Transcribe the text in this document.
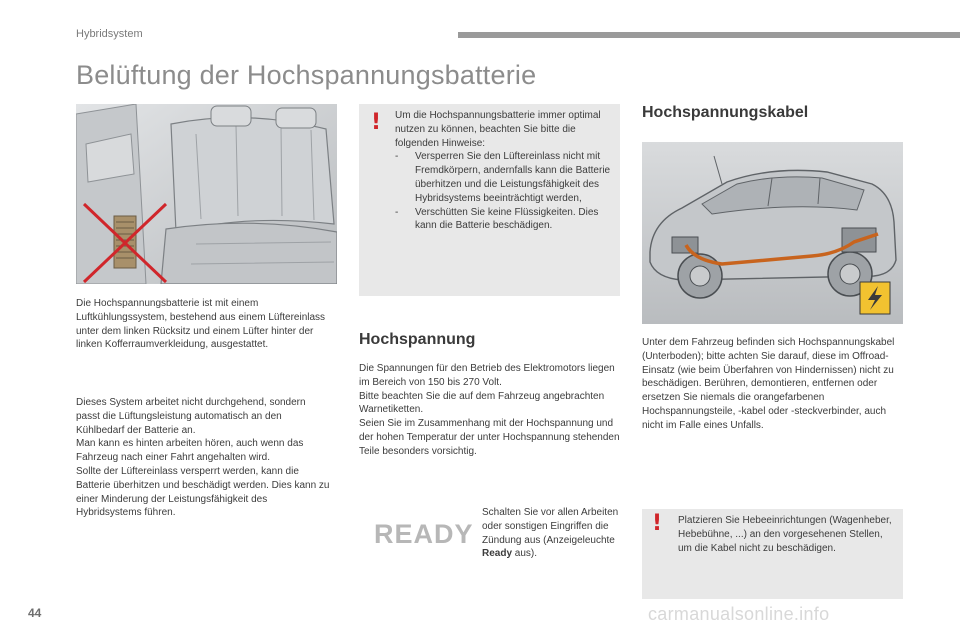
Hybridsystem
Belüftung der Hochspannungsbatterie

Die Hochspannungsbatterie ist mit einem Luftkühlungssystem, bestehend aus einem Lüftereinlass unter dem linken Rücksitz und einem Lüfter hinter der linken Kofferraumverkleidung, ausgestattet.

Dieses System arbeitet nicht durchgehend, sondern passt die Lüftungsleistung automatisch an den Kühlbedarf der Batterie an.

Man kann es hinten arbeiten hören, auch wenn das Fahrzeug nach einer Fahrt angehalten wird.

Sollte der Lüftereinlass versperrt werden, kann die Batterie überhitzen und beschädigt werden. Dies kann zu einer Minderung der Leistungsfähigkeit des Hybridsystems führen.

! Um die Hochspannungsbatterie immer optimal nutzen zu können, beachten Sie bitte die folgenden Hinweise:

- Versperren Sie den Lüftereinlass nicht mit Fremdkörpern, andernfalls kann die Batterie überhitzen und die Leistungsfähigkeit des Hybridsystems beeinträchtigt werden,
- Verschütten Sie keine Flüssigkeiten. Dies kann die Batterie beschädigen.
Hochspannung

Die Spannungen für den Betrieb des Elektromotors liegen im Bereich von 150 bis 270 Volt.

Bitte beachten Sie die auf dem Fahrzeug angebrachten Warnetiketten.

Seien Sie im Zusammenhang mit der Hochspannung und der hohen Temperatur der unter Hochspannung stehenden Teile besonders vorsichtig.

READY
Schalten Sie vor allen Arbeiten oder sonstigen Eingriffen die Zündung aus (Anzeigeleuchte Ready aus).
Hochspannungskabel

Unter dem Fahrzeug befinden sich Hochspannungskabel (Unterboden); bitte achten Sie darauf, diese im Offroad-Einsatz (wie beim Überfahren von Hindernissen) nicht zu beschädigen. Berühren, demontieren, entfernen oder ersetzen Sie niemals die orangefarbenen Hochspannungsteile, -kabel oder -steckverbinder, auch nicht im Falle eines Unfalls.

! Platzieren Sie Hebeeinrichtungen (Wagenheber, Hebebühne, ...) an den vorgesehenen Stellen, um die Kabel nicht zu beschädigen.
44	carmanualsonline.info
